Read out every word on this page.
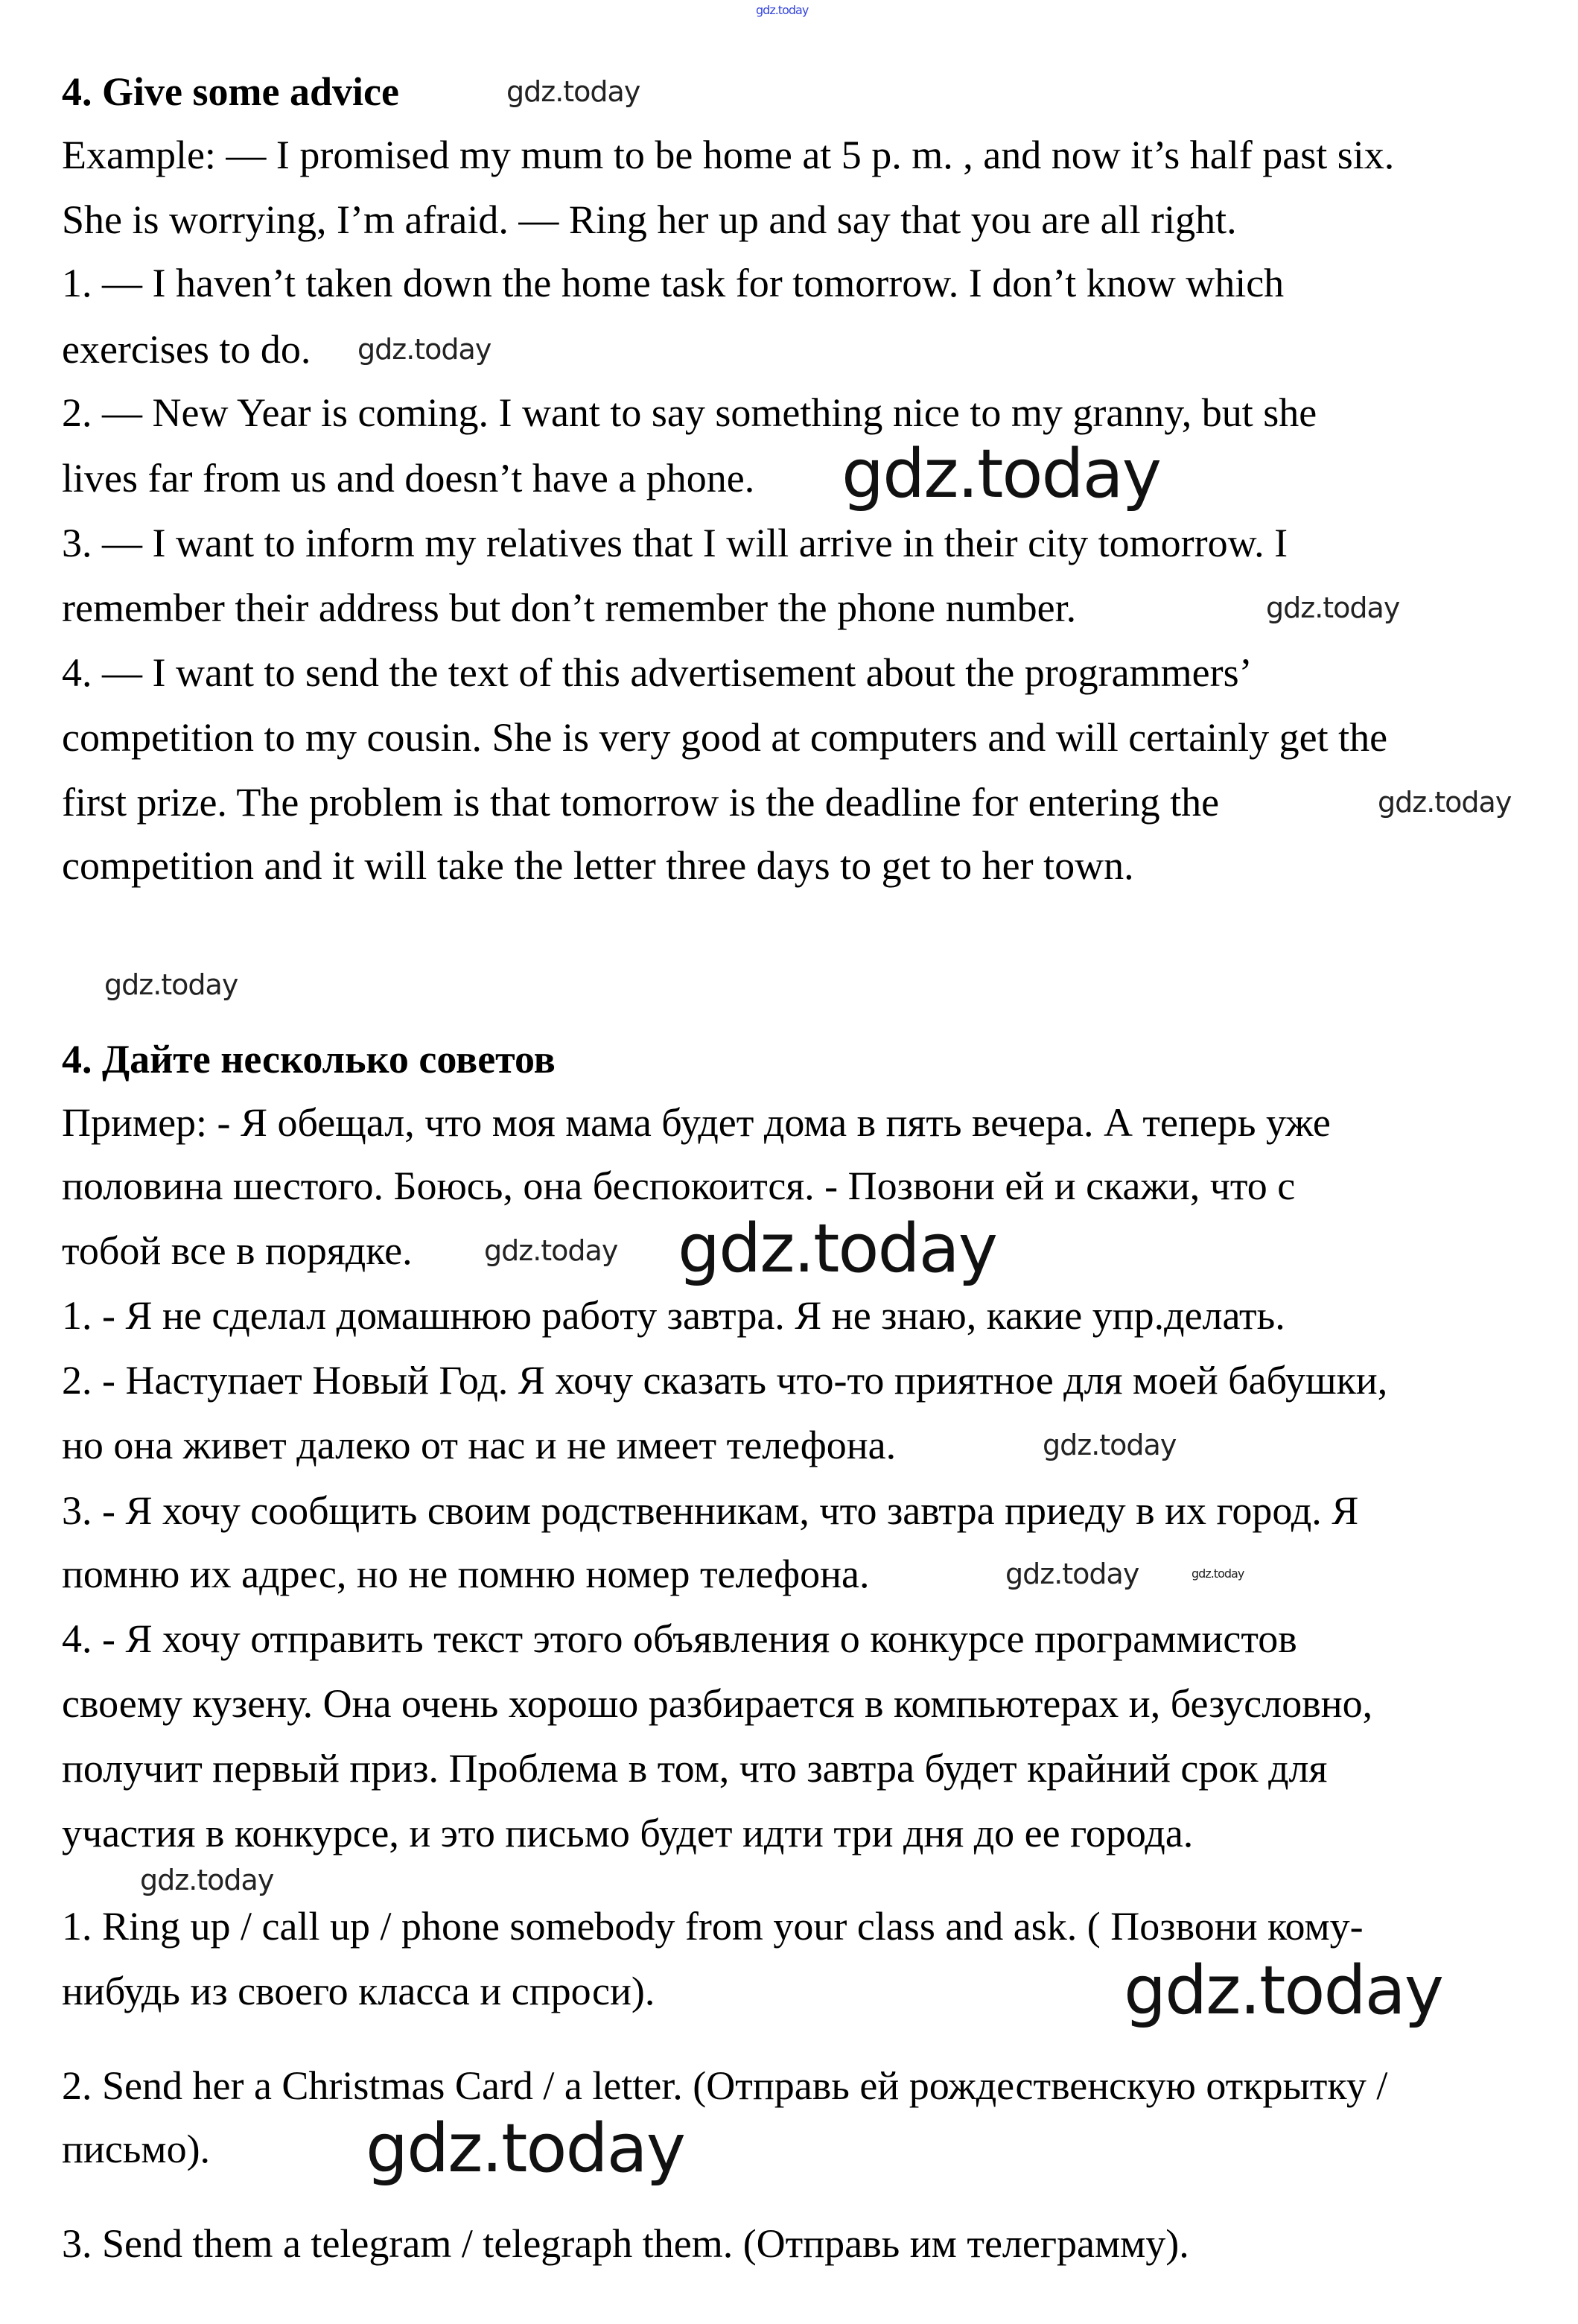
gdz.today
4. Give some advice
Example: — I promised my mum to be home at 5 p. m. , and now it’s half past six.
She is worrying, I’m afraid. — Ring her up and say that you are all right.
1. — I haven’t taken down the home task for tomorrow. I don’t know which
exercises to do.
2. — New Year is coming. I want to say something nice to my granny, but she
lives far from us and doesn’t have a phone.
3. — I want to inform my relatives that I will arrive in their city tomorrow. I
remember their address but don’t remember the phone number.
4. — I want to send the text of this advertisement about the programmers’
competition to my cousin. She is very good at computers and will certainly get the
first prize. The problem is that tomorrow is the deadline for entering the
competition and it will take the letter three days to get to her town.
4. Дайте несколько советов
Пример: - Я обещал, что моя мама будет дома в пять вечера. А теперь уже
половина шестого. Боюсь, она беспокоится. - Позвони ей и скажи, что с
тобой все в порядке.
1. - Я не сделал домашнюю работу завтра. Я не знаю, какие упр.делать.
2. - Наступает Новый Год. Я хочу сказать что-то приятное для моей бабушки,
но она живет далеко от нас и не имеет телефона.
3. - Я хочу сообщить своим родственникам, что завтра приеду в их город. Я
помню их адрес, но не помню номер телефона.
4. - Я хочу отправить текст этого объявления о конкурсе программистов
своему кузену. Она очень хорошо разбирается в компьютерах и, безусловно,
получит первый приз. Проблема в том, что завтра будет крайний срок для
участия в конкурсе, и это письмо будет идти три дня до ее города.
1. Ring up / call up / phone somebody from your class and ask. ( Позвони кому-
нибудь из своего класса и спроси).
2. Send her a Christmas Card / a letter. (Отправь ей рождественскую открытку /
письмо).
3. Send them a telegram / telegraph them. (Отправь им телеграмму).
gdz.today
gdz.today
gdz.today
gdz.today
gdz.today
gdz.today
gdz.today
gdz.today
gdz.today
gdz.today	gdz.today
gdz.today
gdz.today
gdz.today
